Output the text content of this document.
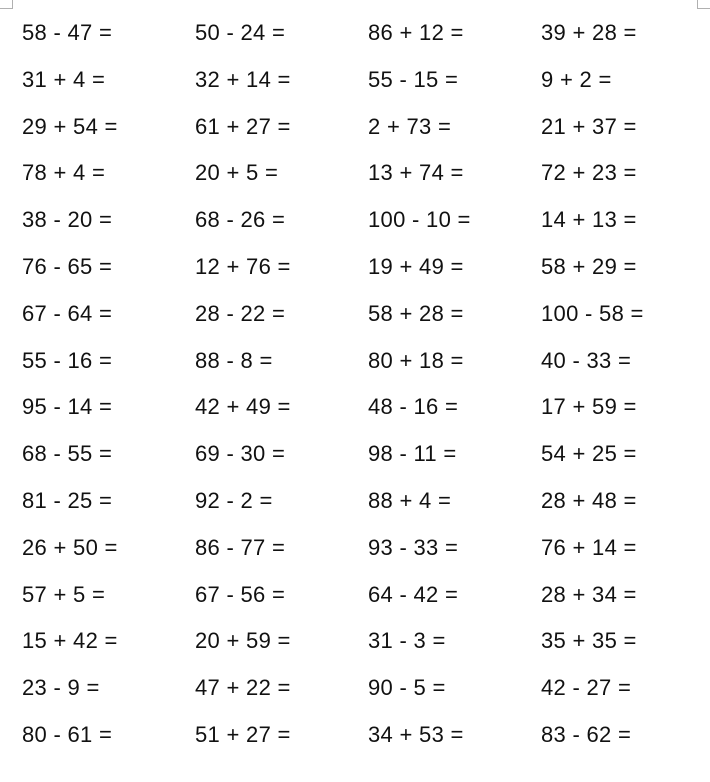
58 - 47 =	50 - 24 =	86 + 12 =	39 + 28 =
31 + 4 =	32 + 14 =	55 - 15 =	9 + 2 =
29 + 54 =	61 + 27 =	2 + 73 =	21 + 37 =
78 + 4 =	20 + 5 =	13 + 74 =	72 + 23 =
38 - 20 =	68 - 26 =	100 - 10 =	14 + 13 =
76 - 65 =	12 + 76 =	19 + 49 =	58 + 29 =
67 - 64 =	28 - 22 =	58 + 28 =	100 - 58 =
55 - 16 =	88 - 8 =	80 + 18 =	40 - 33 =
95 - 14 =	42 + 49 =	48 - 16 =	17 + 59 =
68 - 55 =	69 - 30 =	98 - 11 =	54 + 25 =
81 - 25 =	92 - 2 =	88 + 4 =	28 + 48 =
26 + 50 =	86 - 77 =	93 - 33 =	76 + 14 =
57 + 5 =	67 - 56 =	64 - 42 =	28 + 34 =
15 + 42 =	20 + 59 =	31 - 3 =	35 + 35 =
23 - 9 =	47 + 22 =	90 - 5 =	42 - 27 =
80 - 61 =	51 + 27 =	34 + 53 =	83 - 62 =
